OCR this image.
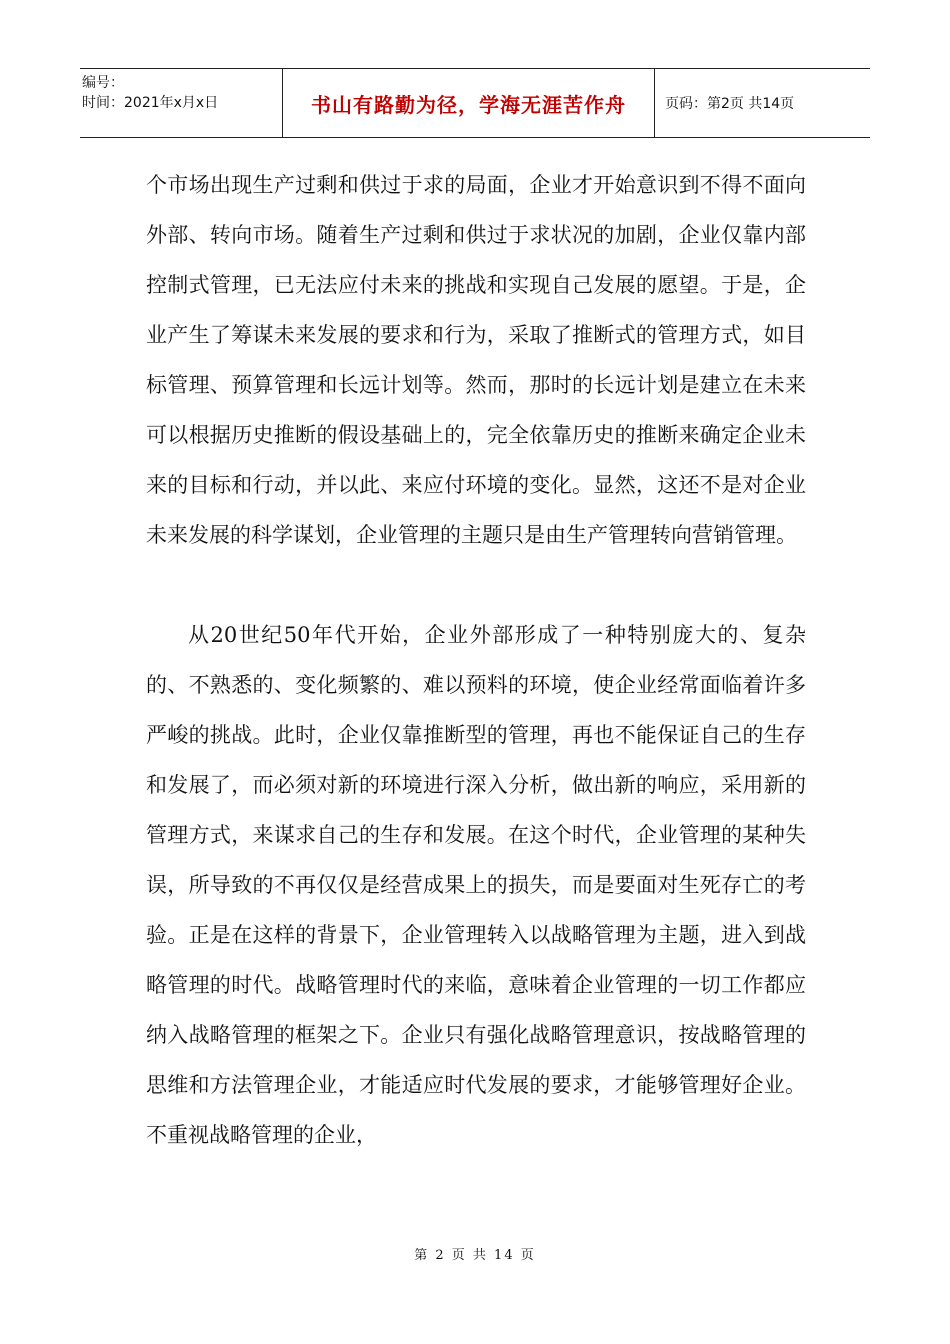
编号：
时间：2021年x月x日	书山有路勤为径，学海无涯苦作舟	页码：第2页 共14页

个市场出现生产过剩和供过于求的局面，企业才开始意识到不得不面向外部、转向市场。随着生产过剩和供过于求状况的加剧，企业仅靠内部控制式管理，已无法应付未来的挑战和实现自己发展的愿望。于是，企业产生了筹谋未来发展的要求和行为，采取了推断式的管理方式，如目标管理、预算管理和长远计划等。然而，那时的长远计划是建立在未来可以根据历史推断的假设基础上的，完全依靠历史的推断来确定企业未来的目标和行动，并以此、来应付环境的变化。显然，这还不是对企业未来发展的科学谋划，企业管理的主题只是由生产管理转向营销管理。

从20世纪50年代开始，企业外部形成了一种特别庞大的、复杂的、不熟悉的、变化频繁的、难以预料的环境，使企业经常面临着许多严峻的挑战。此时，企业仅靠推断型的管理，再也不能保证自己的生存和发展了，而必须对新的环境进行深入分析，做出新的响应，采用新的管理方式，来谋求自己的生存和发展。在这个时代，企业管理的某种失误，所导致的不再仅仅是经营成果上的损失，而是要面对生死存亡的考验。正是在这样的背景下，企业管理转入以战略管理为主题，进入到战略管理的时代。战略管理时代的来临，意味着企业管理的一切工作都应纳入战略管理的框架之下。企业只有强化战略管理意识，按战略管理的思维和方法管理企业，才能适应时代发展的要求，才能够管理好企业。不重视战略管理的企业，

第 2 页 共 14 页
